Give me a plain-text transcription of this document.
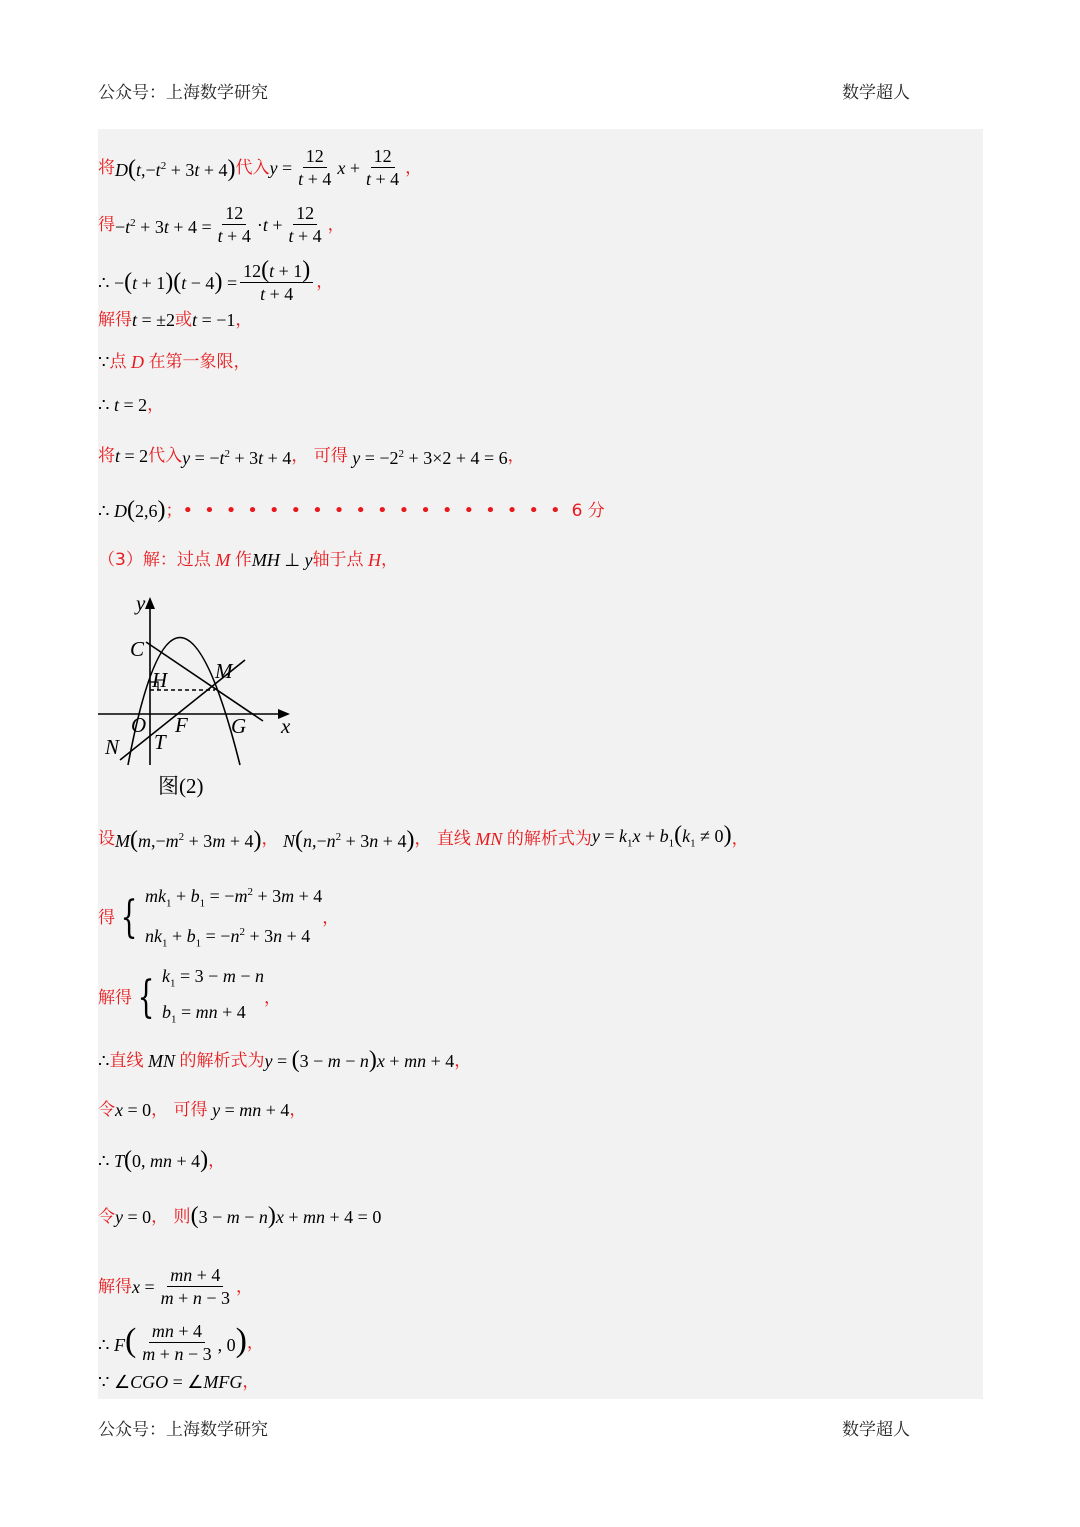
公众号：上海数学研究	数学超人
将 $D(t,-t^2 + 3t + 4)$ 代入 $y = \frac{12}{t + 4}$ $x + \frac{12}{t + 4}$ ，
得 $-t^2 + 3t + 4 = \frac{12}{t + 4} \cdot t + \frac{12}{t + 4}$ ，
∴ $-(t + 1)(t - 4) = \frac{12(t + 1)}{t + 4}$ ，
解得 t = ±2 或 t = −1 ，
∵ 点 D 在第一象限，
∴ t = 2 ，
将 t = 2 代入 $y = -t^2 + 3t + 4$ ， 可得 $y = -2^2 + 3\times 2 + 4 = 6$ ，
∴ D(2,6) ； •••••••••••••••••• 6 分
（3）解：过点 M 作 MH ⊥ y 轴于点 H ，
y
x
C
H M
O F G
N T
图(2)
设 $M(m,-m^2 + 3m + 4)$ ， $N(n,-n^2 + 3n + 4)$ ， 直线 MN 的解析式为 $y = k_1x + b_1(k_1 \ne 0)$ ，
得 { $mk_1 + b_1 = -m^2 + 3m + 4$
$nk_1 + b_1 = -n^2 + 3n + 4$
，
解得 { $k_1 = 3 - m - n$
$b_1$ = mn + 4
，
∴ 直线 MN 的解析式为 y = (3 − m − n)x + mn + 4 ，
令 x = 0 ， 可得 y = mn + 4 ，
∴ T(0, mn + 4) ，
令 y = 0 ， 则 (3 − m − n)x + mn + 4 = 0
解得 $x = \frac{mn + 4}{m + n - 3}$ ，
∴ $F( \frac{mn + 4}{m + n - 3}$ , 0) ，
∵ ∠CGO = ∠MFG ，
公众号：上海数学研究	数学超人
